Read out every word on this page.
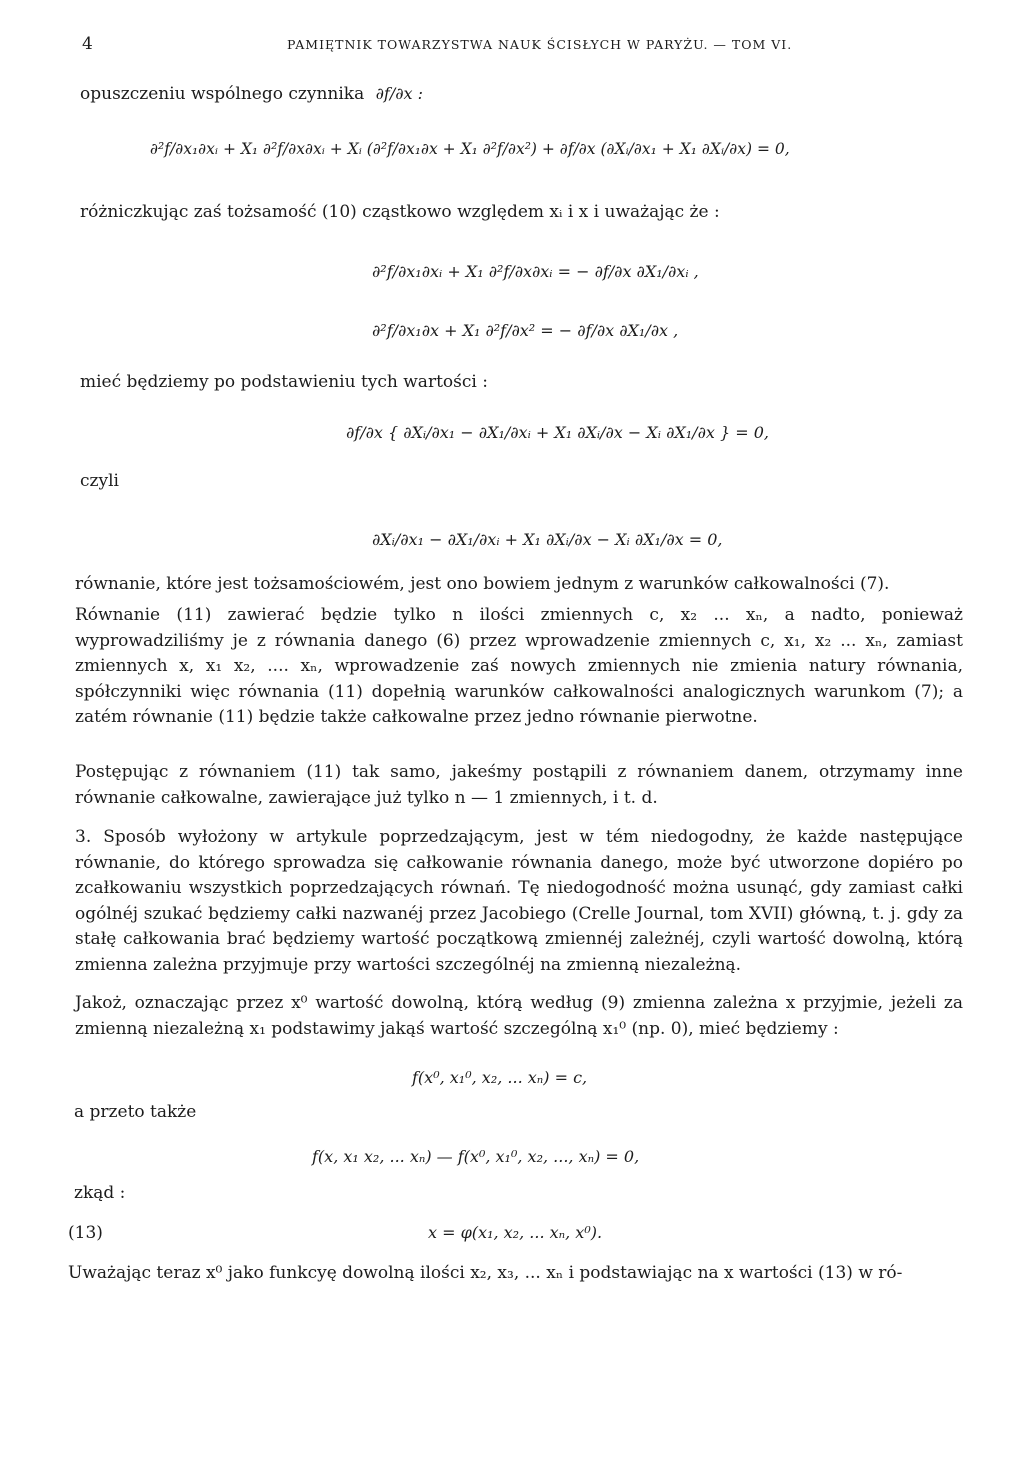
4	PAMIĘTNIK TOWARZYSTWA NAUK ŚCISŁYCH W PARYŻU. — TOM VI.
opuszczeniu wspólnego czynnika ∂f/∂x :
∂²f/∂x₁∂xᵢ + X₁ ∂²f/∂x∂xᵢ + Xᵢ (∂²f/∂x₁∂x + X₁ ∂²f/∂x²) + ∂f/∂x (∂Xᵢ/∂x₁ + X₁ ∂Xᵢ/∂x) = 0,
różniczkując zaś tożsamość (10) cząstkowo względem xᵢ i x i uważając że :
∂²f/∂x₁∂xᵢ + X₁ ∂²f/∂x∂xᵢ = − ∂f/∂x ∂X₁/∂xᵢ ,
∂²f/∂x₁∂x + X₁ ∂²f/∂x² = − ∂f/∂x ∂X₁/∂x ,
mieć będziemy po podstawieniu tych wartości :
∂f/∂x { ∂Xᵢ/∂x₁ − ∂X₁/∂xᵢ + X₁ ∂Xᵢ/∂x − Xᵢ ∂X₁/∂x } = 0,
czyli
∂Xᵢ/∂x₁ − ∂X₁/∂xᵢ + X₁ ∂Xᵢ/∂x − Xᵢ ∂X₁/∂x = 0,
równanie, które jest tożsamościowém, jest ono bowiem jednym z warunków całkowalności (7).
Równanie (11) zawierać będzie tylko n ilości zmiennych c, x₂ ... xₙ, a nadto, ponieważ wyprowadziliśmy je z równania danego (6) przez wprowadzenie zmiennych c, x₁, x₂ ... xₙ, zamiast zmiennych x, x₁ x₂, .... xₙ, wprowadzenie zaś nowych zmiennych nie zmienia natury równania, spółczynniki więc równania (11) dopełnią warunków całkowalności analogicznych warunkom (7); a zatém równanie (11) będzie także całkowalne przez jedno równanie pierwotne.
Postępując z równaniem (11) tak samo, jakeśmy postąpili z równaniem danem, otrzymamy inne równanie całkowalne, zawierające już tylko n — 1 zmiennych, i t. d.
3. Sposób wyłożony w artykule poprzedzającym, jest w tém niedogodny, że każde następujące równanie, do którego sprowadza się całkowanie równania danego, może być utworzone dopiéro po zcałkowaniu wszystkich poprzedzających równań. Tę niedogodność można usunąć, gdy zamiast całki ogólnéj szukać będziemy całki nazwanéj przez Jacobiego (Crelle Journal, tom XVII) główną, t. j. gdy za stałę całkowania brać będziemy wartość początkową zmiennéj zależnéj, czyli wartość dowolną, którą zmienna zależna przyjmuje przy wartości szczególnéj na zmienną niezależną.
Jakoż, oznaczając przez x⁰ wartość dowolną, którą według (9) zmienna zależna x przyjmie, jeżeli za zmienną niezależną x₁ podstawimy jakąś wartość szczególną x₁⁰ (np. 0), mieć będziemy :
f(x⁰, x₁⁰, x₂, ... xₙ) = c,
a przeto także
f(x, x₁ x₂, ... xₙ) — f(x⁰, x₁⁰, x₂, ..., xₙ) = 0,
zkąd :
(13)	x = φ(x₁, x₂, ... xₙ, x⁰).
Uważając teraz x⁰ jako funkcyę dowolną ilości x₂, x₃, ... xₙ i podstawiając na x wartości (13) w ró-
